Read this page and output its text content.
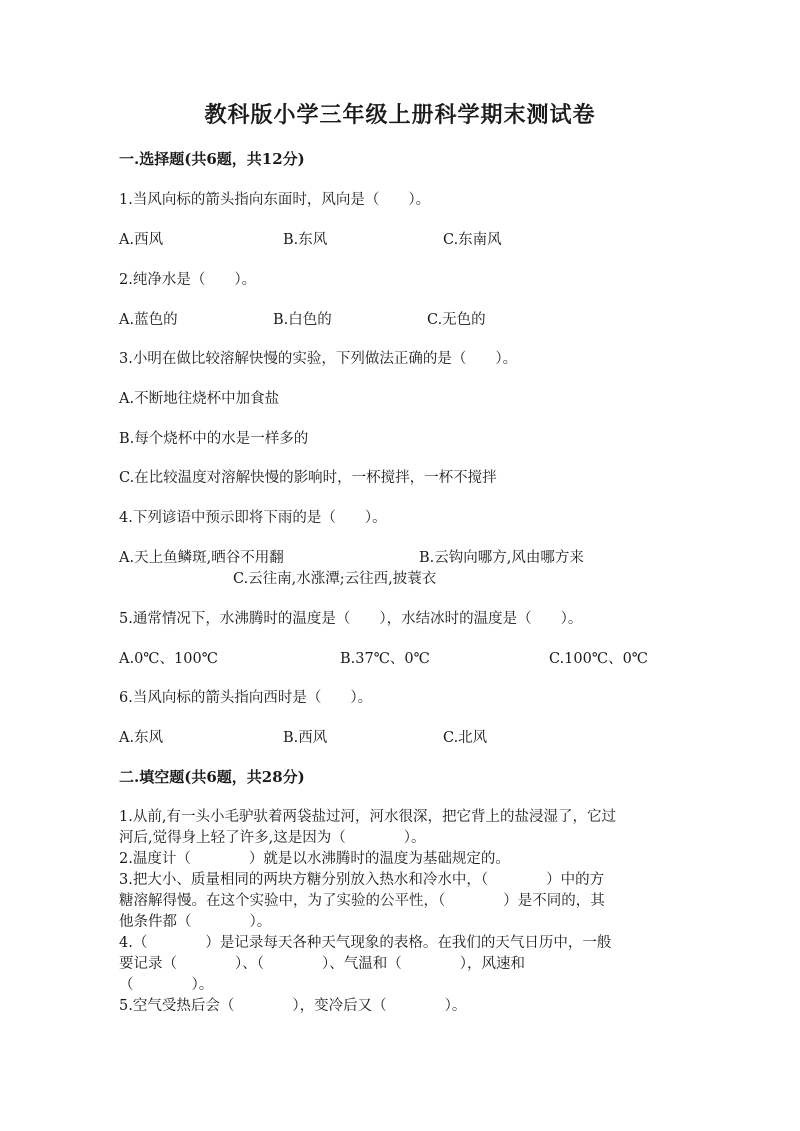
教科版小学三年级上册科学期末测试卷
一.选择题(共6题，共12分)
1.当风向标的箭头指向东面时，风向是（　　）。
A.西风	B.东风	C.东南风
2.纯净水是（　　）。
A.蓝色的	B.白色的	C.无色的
3.小明在做比较溶解快慢的实验，下列做法正确的是（　　）。
A.不断地往烧杯中加食盐
B.每个烧杯中的水是一样多的
C.在比较温度对溶解快慢的影响时，一杯搅拌，一杯不搅拌
4.下列谚语中预示即将下雨的是（　　）。
A.天上鱼鳞斑,晒谷不用翻	B.云钩向哪方,风由哪方来
C.云往南,水涨潭;云往西,披蓑衣
5.通常情况下，水沸腾时的温度是（　　），水结冰时的温度是（　　）。
A.0℃、100℃	B.37℃、0℃	C.100℃、0℃
6.当风向标的箭头指向西时是（　　）。
A.东风	B.西风	C.北风
二.填空题(共6题，共28分)
1.从前,有一头小毛驴驮着两袋盐过河，河水很深，把它背上的盐浸湿了，它过
河后,觉得身上轻了许多,这是因为（　　　　）。
2.温度计（　　　　）就是以水沸腾时的温度为基础规定的。
3.把大小、质量相同的两块方糖分别放入热水和冷水中，（　　　　）中的方
糖溶解得慢。在这个实验中，为了实验的公平性，（　　　　）是不同的，其
他条件都（　　　　）。
4.（　　　　）是记录每天各种天气现象的表格。在我们的天气日历中，一般
要记录（　　　　）、（　　　　）、气温和（　　　　），风速和
（　　　　）。
5.空气受热后会（　　　　），变冷后又（　　　　）。
